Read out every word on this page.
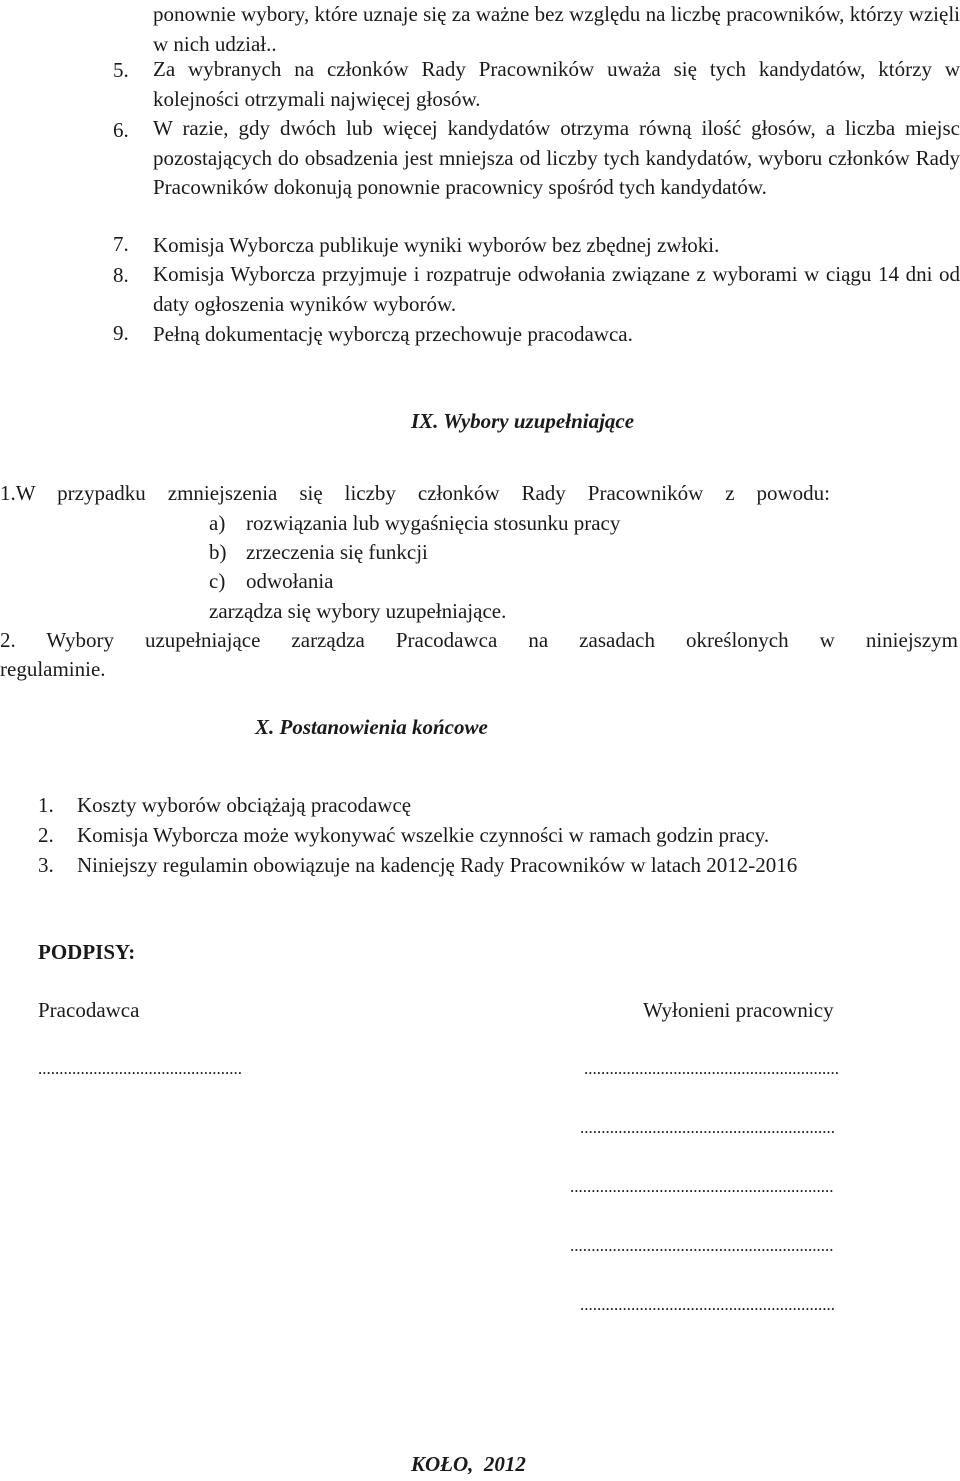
ponownie wybory, które uznaje się za ważne bez względu na liczbę pracowników, którzy wzięli w nich udział..
5. Za wybranych na członków Rady Pracowników uważa się tych kandydatów, którzy w kolejności otrzymali najwięcej głosów.
6. W razie, gdy dwóch lub więcej kandydatów otrzyma równą ilość głosów, a liczba miejsc pozostających do obsadzenia jest mniejsza od liczby tych kandydatów, wyboru członków Rady Pracowników dokonują ponownie pracownicy spośród tych kandydatów.
7. Komisja Wyborcza publikuje wyniki wyborów bez zbędnej zwłoki.
8. Komisja Wyborcza przyjmuje i rozpatruje odwołania związane z wyborami w ciągu 14 dni od daty ogłoszenia wyników wyborów.
9. Pełną dokumentację wyborczą przechowuje pracodawca.
IX. Wybory uzupełniające
1.W przypadku zmniejszenia się liczby członków Rady Pracowników z powodu:
a) rozwiązania lub wygaśnięcia stosunku pracy
b) zrzeczenia się funkcji
c) odwołania
zarządza się wybory uzupełniające.
2. Wybory uzupełniające zarządza Pracodawca na zasadach określonych w niniejszym
regulaminie.
X. Postanowienia końcowe
1. Koszty wyborów obciążają pracodawcę
2. Komisja Wyborcza może wykonywać wszelkie czynności w ramach godzin pracy.
3. Niniejszy regulamin obowiązuje na kadencję Rady Pracowników w latach 2012-2016
PODPISY:
Pracodawca	Wyłonieni pracownicy
................................................	............................................................
............................................................
..............................................................
..............................................................
............................................................
KOŁO,  2012
